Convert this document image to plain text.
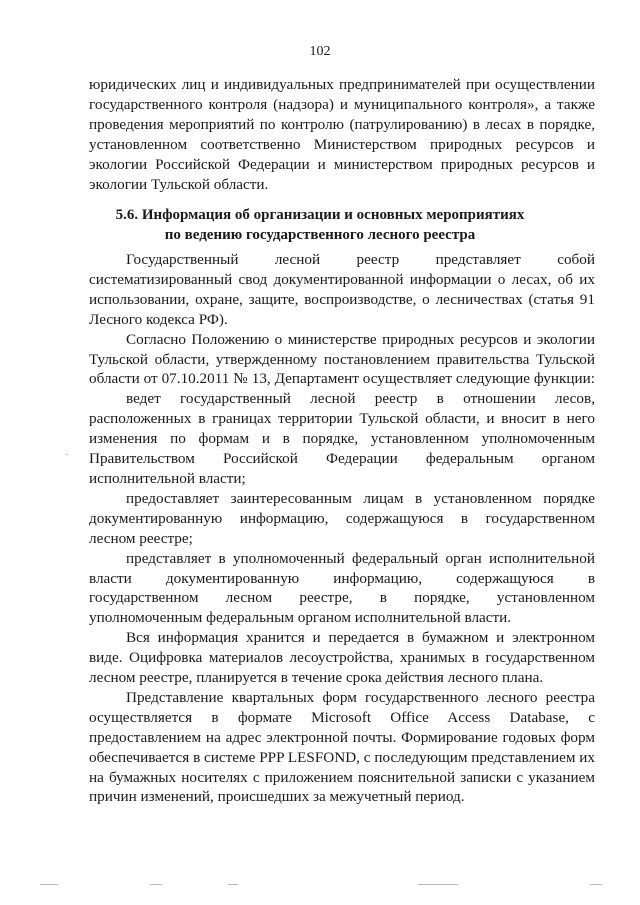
102
юридических лиц и индивидуальных предпринимателей при осуществлении
государственного контроля (надзора) и муниципального контроля», а также
проведения мероприятий по контролю (патрулированию) в лесах в порядке,
установленном соответственно Министерством природных ресурсов и
экологии Российской Федерации и министерством природных ресурсов и
экологии Тульской области.
5.6. Информация об организации и основных мероприятиях
по ведению государственного лесного реестра
Государственный лесной реестр представляет собой
систематизированный свод документированной информации о лесах, об их
использовании, охране, защите, воспроизводстве, о лесничествах (статья 91
Лесного кодекса РФ).
Согласно Положению о министерстве природных ресурсов и экологии
Тульской области, утвержденному постановлением правительства Тульской
области от 07.10.2011 № 13, Департамент осуществляет следующие функции:
ведет государственный лесной реестр в отношении лесов,
расположенных в границах территории Тульской области, и вносит в него
изменения по формам и в порядке, установленном уполномоченным
Правительством Российской Федерации федеральным органом
исполнительной власти;
предоставляет заинтересованным лицам в установленном порядке
документированную информацию, содержащуюся в государственном
лесном реестре;
представляет в уполномоченный федеральный орган исполнительной
власти документированную информацию, содержащуюся в
государственном лесном реестре, в порядке, установленном
уполномоченным федеральным органом исполнительной власти.
Вся информация хранится и передается в бумажном и электронном
виде. Оцифровка материалов лесоустройства, хранимых в государственном
лесном реестре, планируется в течение срока действия лесного плана.
Представление квартальных форм государственного лесного реестра
осуществляется в формате Microsoft Office Access Database, с
предоставлением на адрес электронной почты. Формирование годовых форм
обеспечивается в системе PPP LESFOND, с последующим представлением их
на бумажных носителях с приложением пояснительной записки с указанием
причин изменений, происшедших за межучетный период.
